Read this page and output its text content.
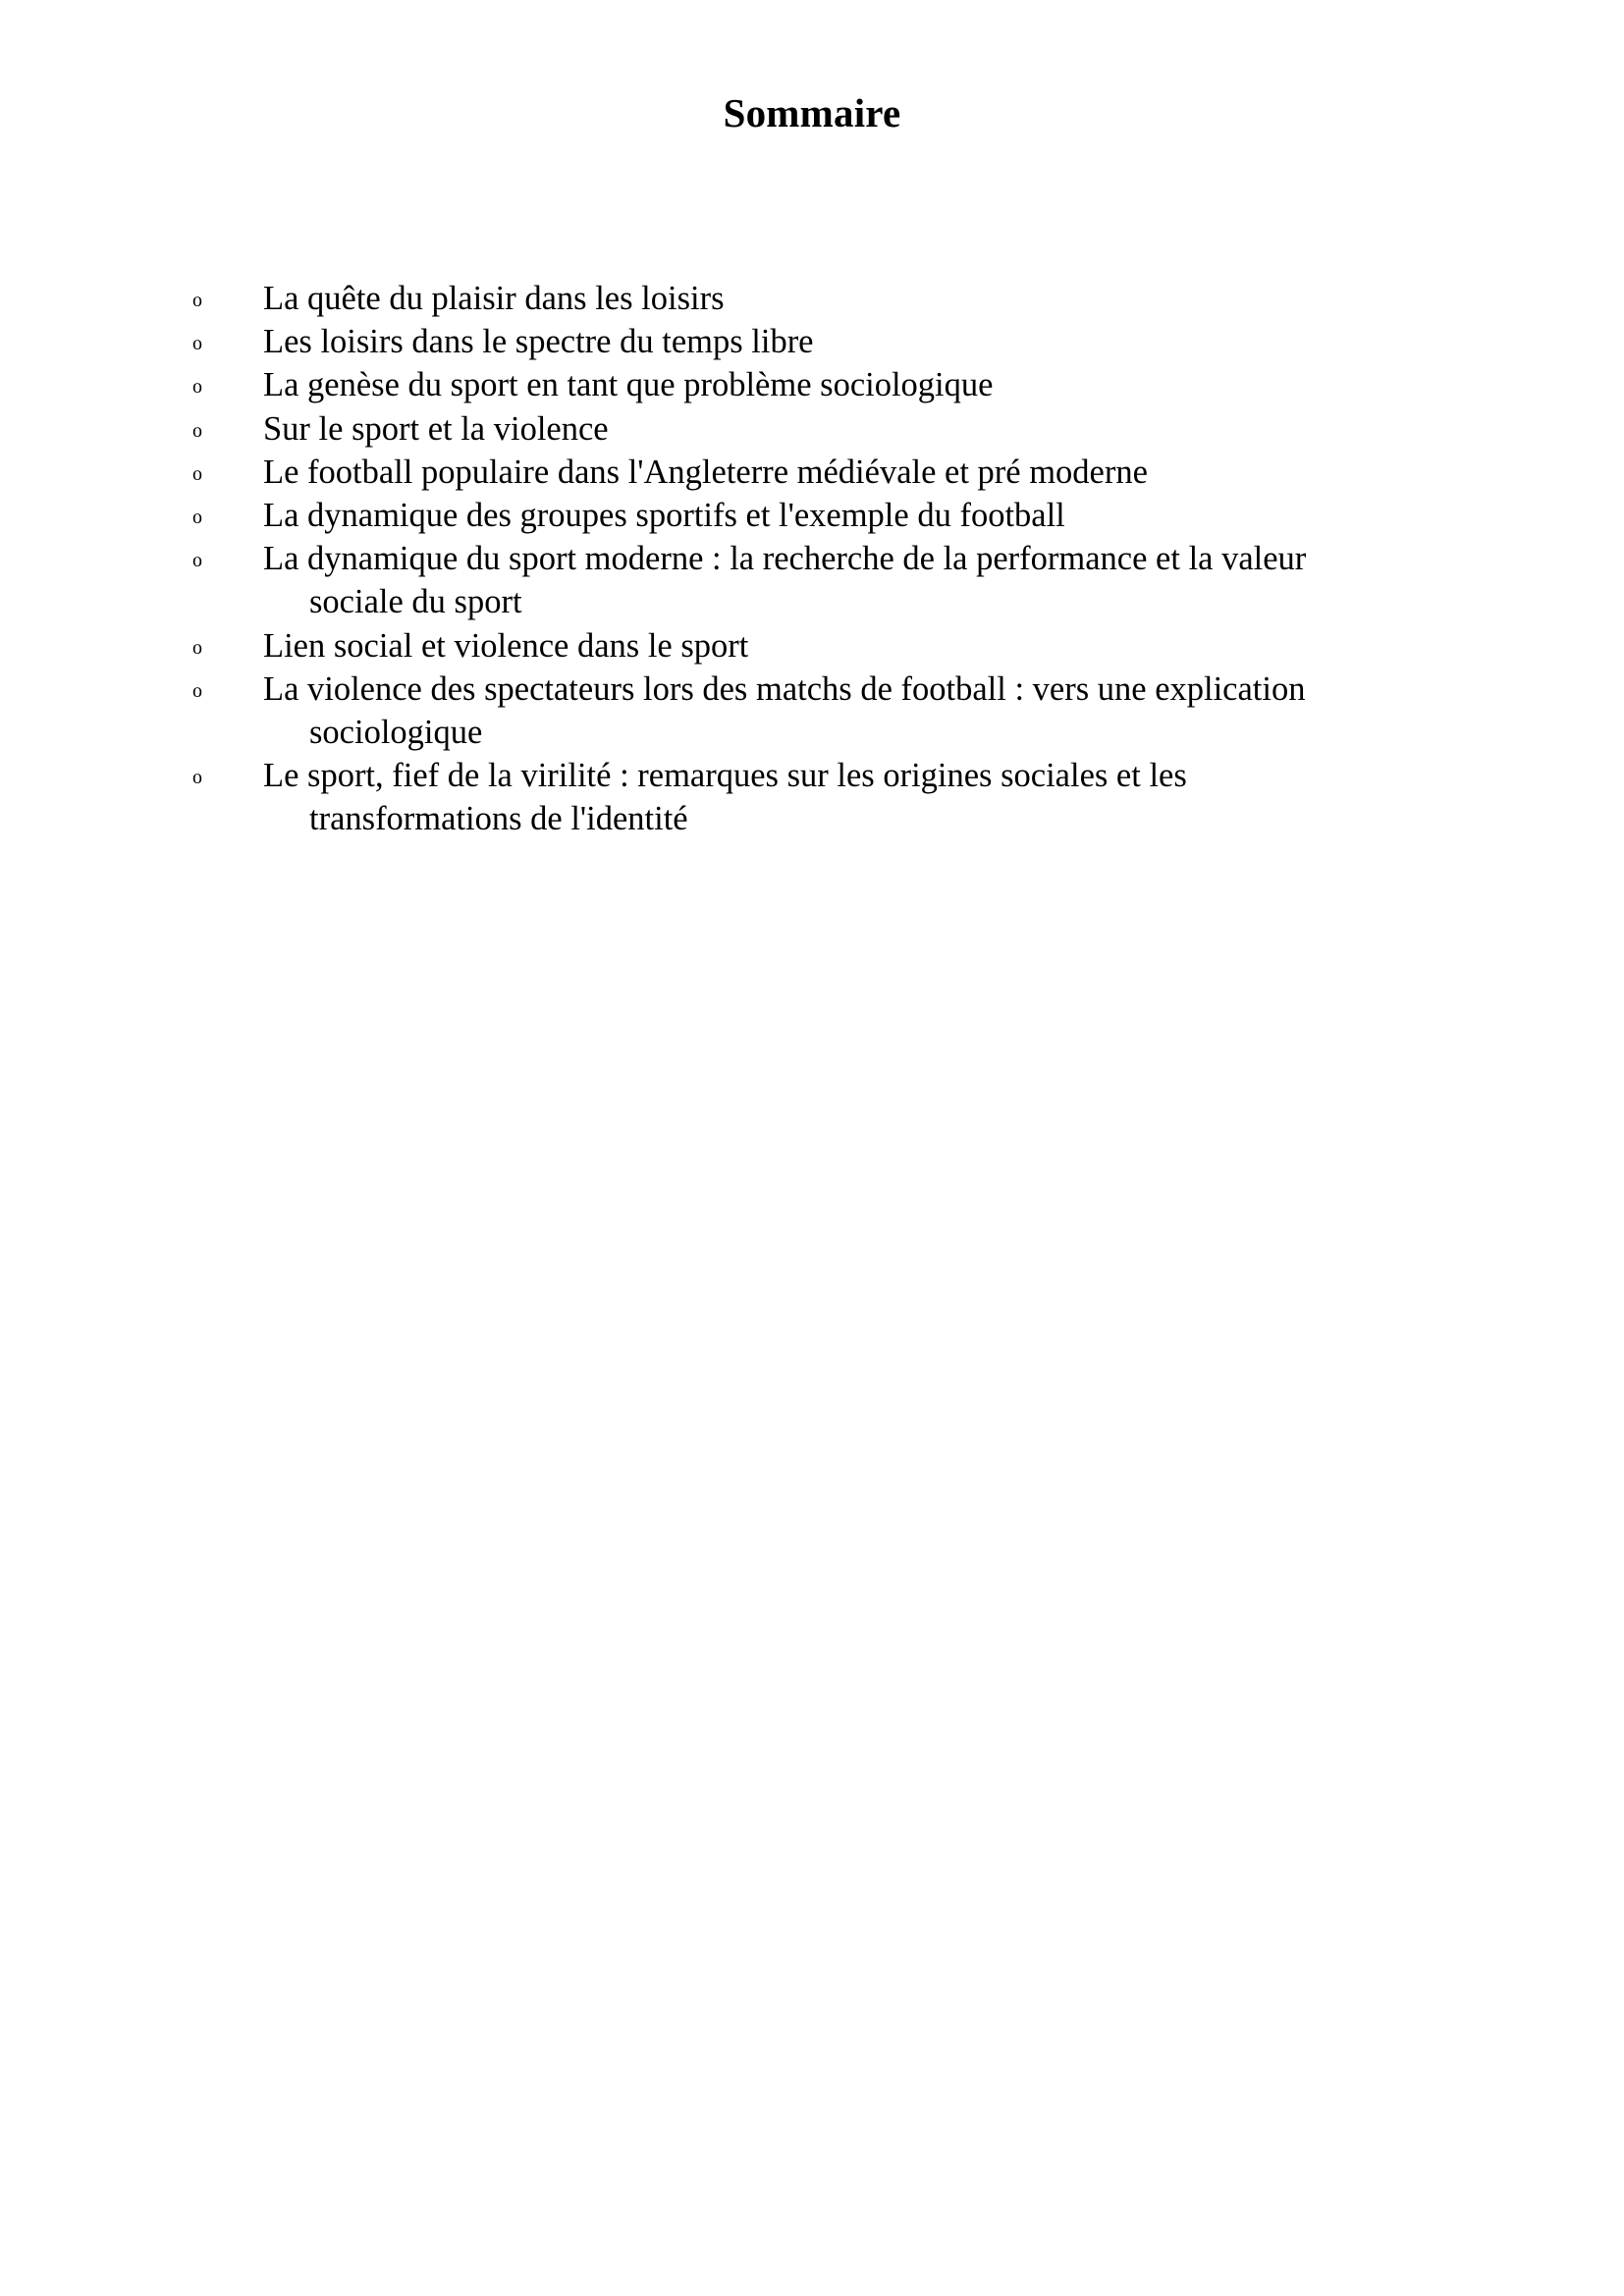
Sommaire
o	La quête du plaisir dans les loisirs
o	Les loisirs dans le spectre du temps libre
o	La genèse du sport en tant que problème sociologique
o	Sur le sport et la violence
o	Le football populaire dans l'Angleterre médiévale et pré moderne
o	La dynamique des groupes sportifs et l'exemple du football
o	La dynamique du sport moderne : la recherche de la performance et la valeur sociale du sport
o	Lien social et violence dans le sport
o	La violence des spectateurs lors des matchs de football : vers une explication sociologique
o	Le sport, fief de la virilité : remarques sur les origines sociales et les transformations de l'identité
